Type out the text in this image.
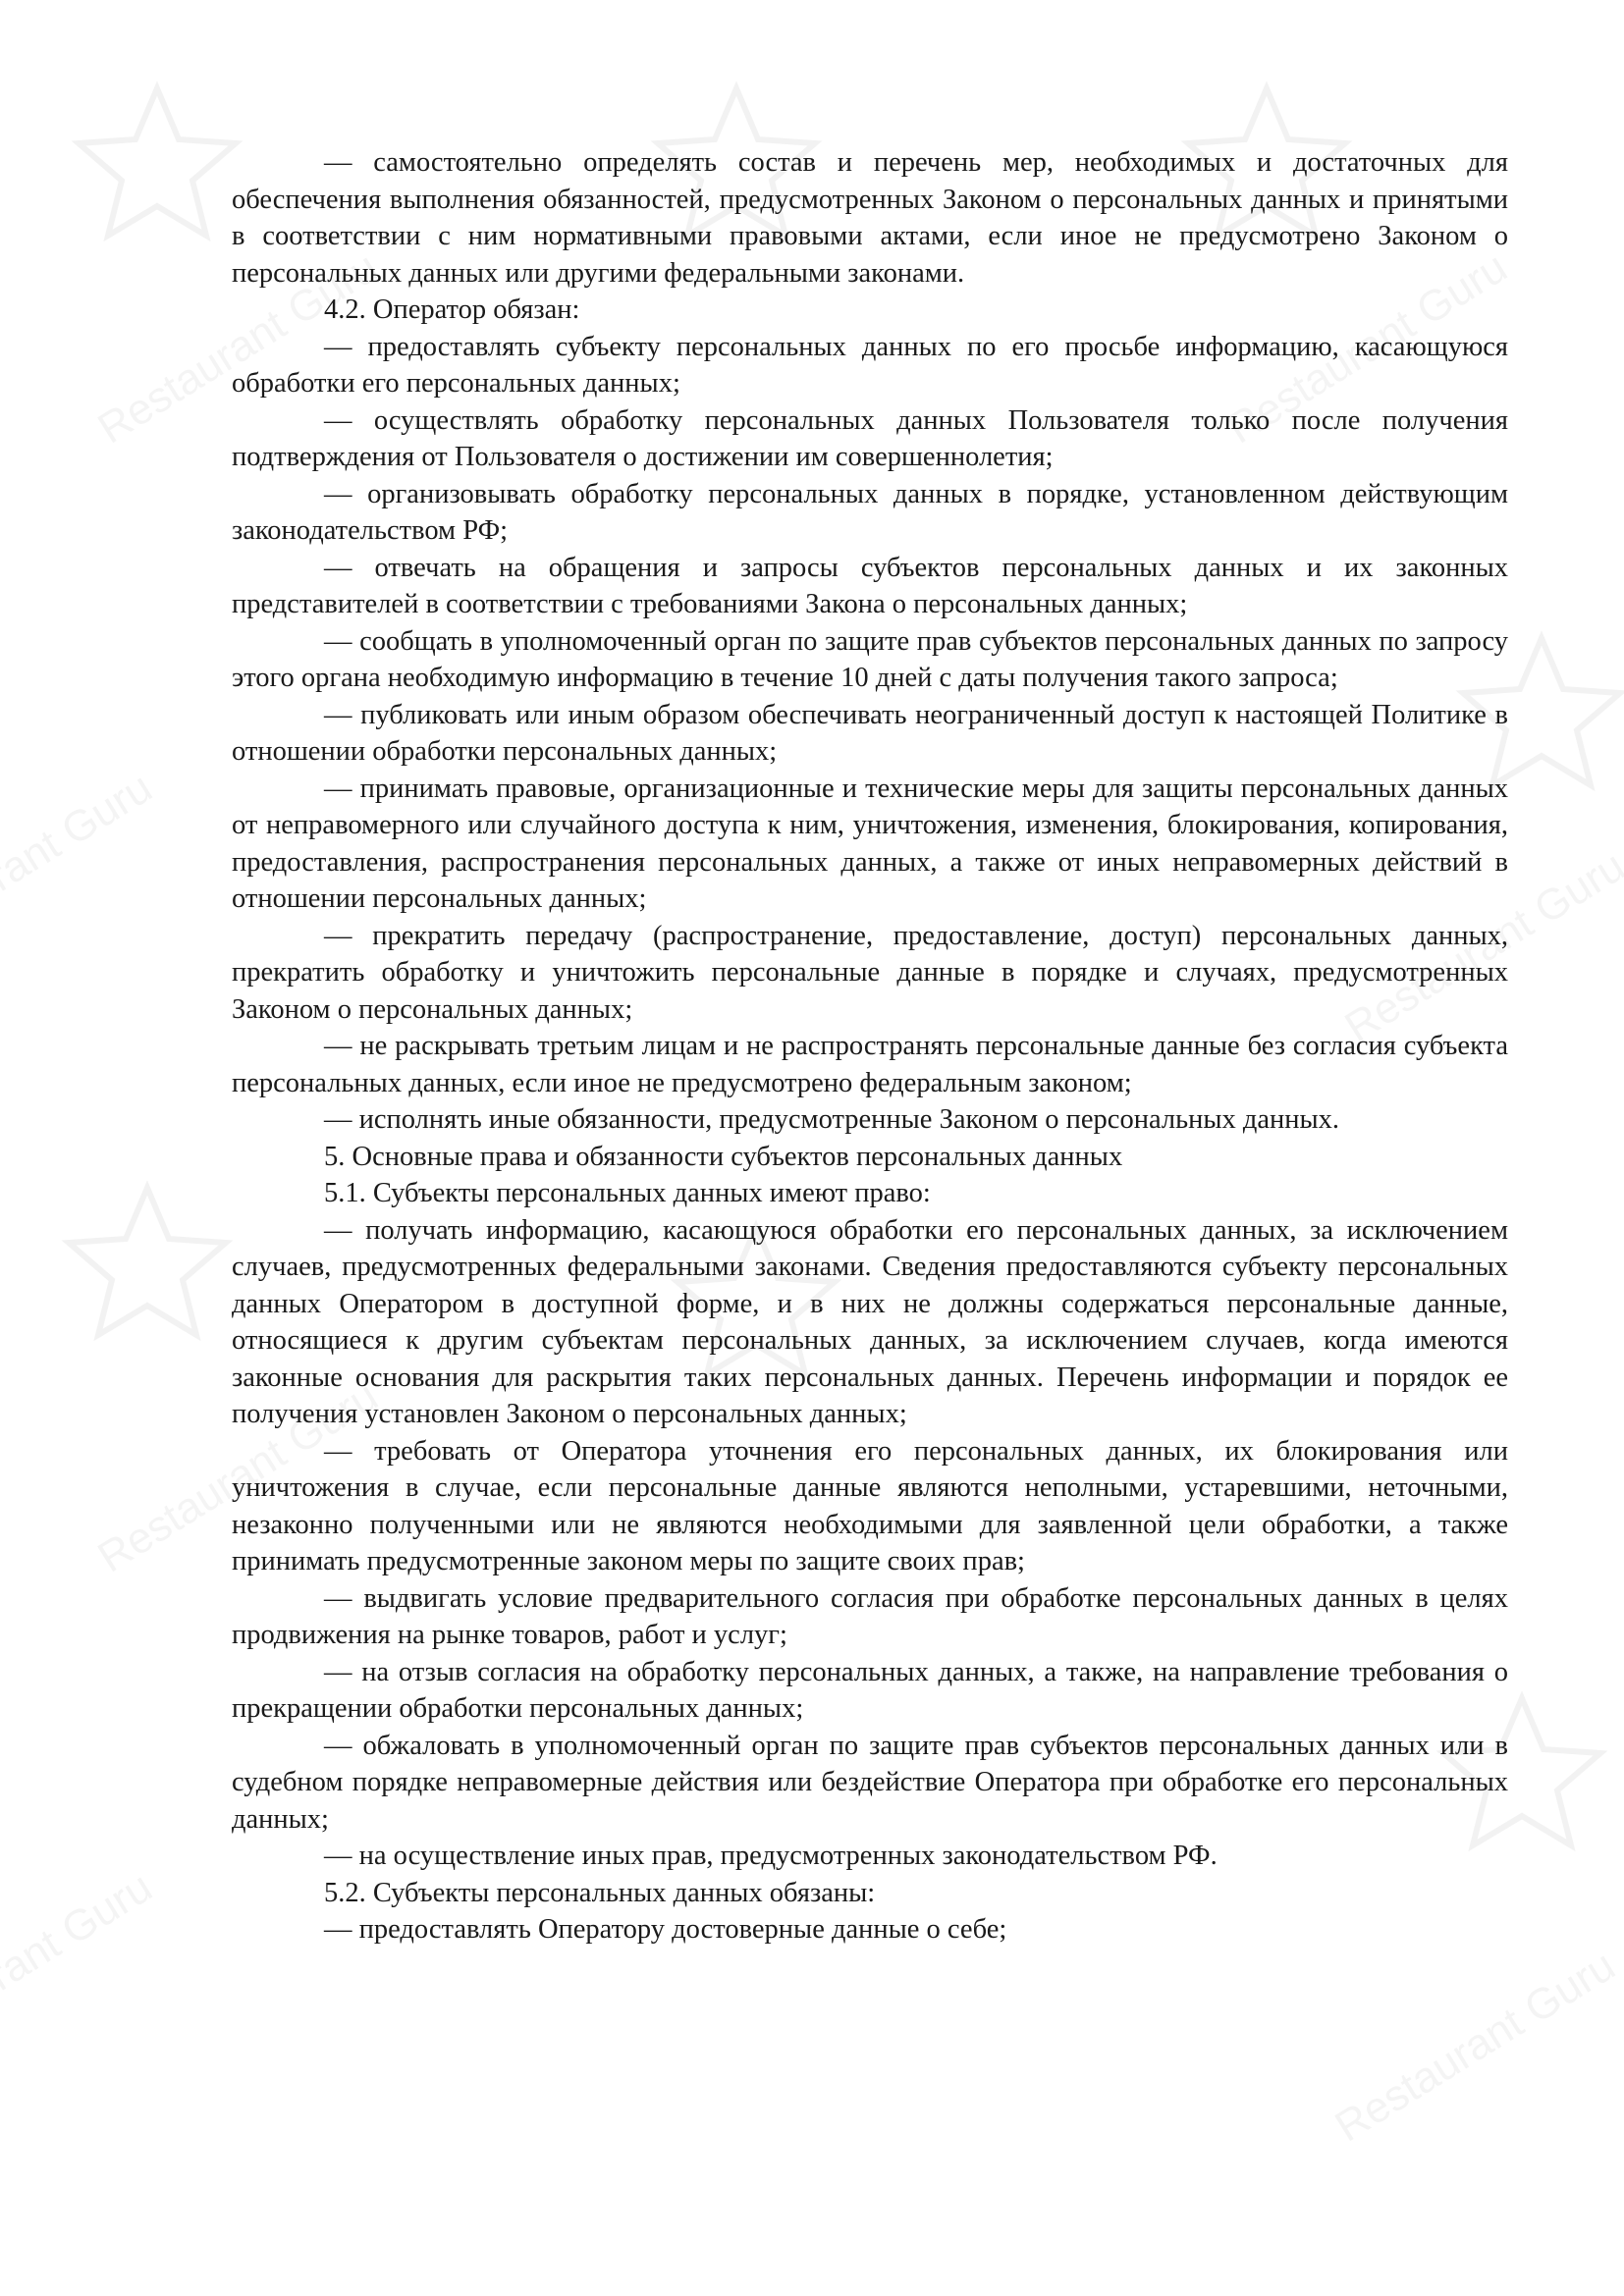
— самостоятельно определять состав и перечень мер, необходимых и достаточных для обеспечения выполнения обязанностей, предусмотренных Законом о персональных данных и принятыми в соответствии с ним нормативными правовыми актами, если иное не предусмотрено Законом о персональных данных или другими федеральными законами.

4.2. Оператор обязан:

— предоставлять субъекту персональных данных по его просьбе информацию, касающуюся обработки его персональных данных;

— осуществлять обработку персональных данных Пользователя только после получения подтверждения от Пользователя о достижении им совершеннолетия;

— организовывать обработку персональных данных в порядке, установленном действующим законодательством РФ;

— отвечать на обращения и запросы субъектов персональных данных и их законных представителей в соответствии с требованиями Закона о персональных данных;

— сообщать в уполномоченный орган по защите прав субъектов персональных данных по запросу этого органа необходимую информацию в течение 10 дней с даты получения такого запроса;

— публиковать или иным образом обеспечивать неограниченный доступ к настоящей Политике в отношении обработки персональных данных;

— принимать правовые, организационные и технические меры для защиты персональных данных от неправомерного или случайного доступа к ним, уничтожения, изменения, блокирования, копирования, предоставления, распространения персональных данных, а также от иных неправомерных действий в отношении персональных данных;

— прекратить передачу (распространение, предоставление, доступ) персональных данных, прекратить обработку и уничтожить персональные данные в порядке и случаях, предусмотренных Законом о персональных данных;

— не раскрывать третьим лицам и не распространять персональные данные без согласия субъекта персональных данных, если иное не предусмотрено федеральным законом;

— исполнять иные обязанности, предусмотренные Законом о персональных данных.

5. Основные права и обязанности субъектов персональных данных

5.1. Субъекты персональных данных имеют право:

— получать информацию, касающуюся обработки его персональных данных, за исключением случаев, предусмотренных федеральными законами. Сведения предоставляются субъекту персональных данных Оператором в доступной форме, и в них не должны содержаться персональные данные, относящиеся к другим субъектам персональных данных, за исключением случаев, когда имеются законные основания для раскрытия таких персональных данных. Перечень информации и порядок ее получения установлен Законом о персональных данных;

— требовать от Оператора уточнения его персональных данных, их блокирования или уничтожения в случае, если персональные данные являются неполными, устаревшими, неточными, незаконно полученными или не являются необходимыми для заявленной цели обработки, а также принимать предусмотренные законом меры по защите своих прав;

— выдвигать условие предварительного согласия при обработке персональных данных в целях продвижения на рынке товаров, работ и услуг;

— на отзыв согласия на обработку персональных данных, а также, на направление требования о прекращении обработки персональных данных;

— обжаловать в уполномоченный орган по защите прав субъектов персональных данных или в судебном порядке неправомерные действия или бездействие Оператора при обработке его персональных данных;

— на осуществление иных прав, предусмотренных законодательством РФ.

5.2. Субъекты персональных данных обязаны:

— предоставлять Оператору достоверные данные о себе;
